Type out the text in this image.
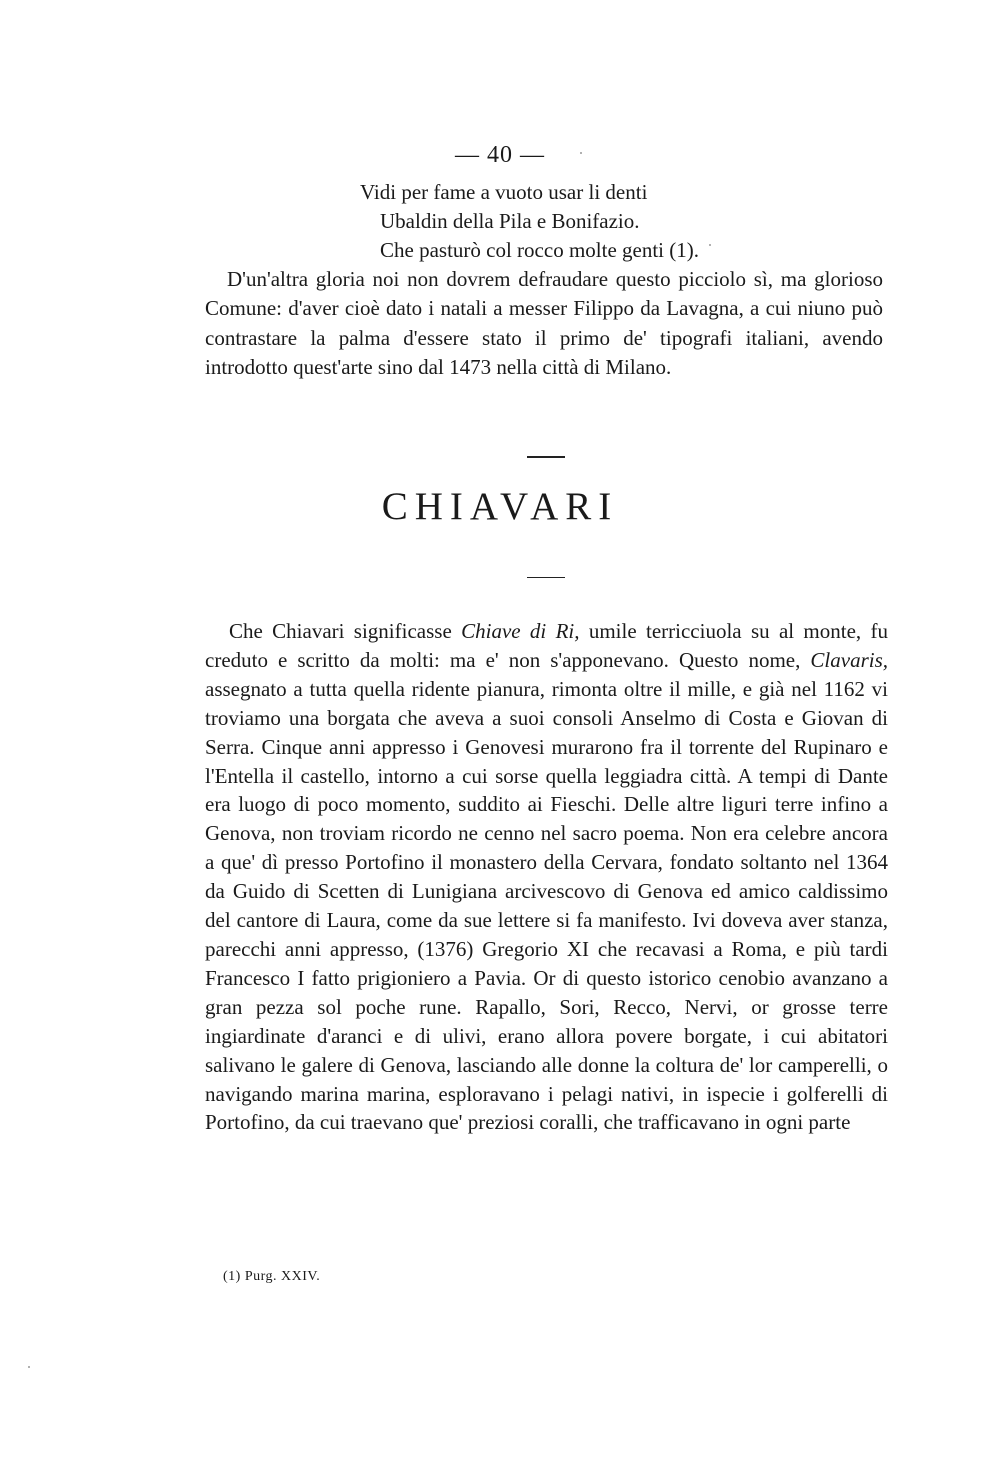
— 40 —
Vidi per fame a vuoto usar li denti
Ubaldin della Pila e Bonifazio.
Che pasturò col rocco molte genti (1).

D'un'altra gloria noi non dovrem defraudare questo picciolo sì, ma glorioso Comune: d'aver cioè dato i natali a messer Filippo da Lavagna, a cui niuno può contrastare la palma d'essere stato il primo de' tipografi italiani, avendo introdotto quest'arte sino dal 1473 nella città di Milano.

CHIAVARI

Che Chiavari significasse Chiave di Ri, umile terricciuola su al monte, fu creduto e scritto da molti: ma e' non s'apponevano. Questo nome, Clavaris, assegnato a tutta quella ridente pianura, rimonta oltre il mille, e già nel 1162 vi troviamo una borgata che aveva a suoi consoli Anselmo di Costa e Giovan di Serra. Cinque anni appresso i Genovesi murarono fra il torrente del Rupinaro e l'Entella il castello, intorno a cui sorse quella leggiadra città. A tempi di Dante era luogo di poco momento, suddito ai Fieschi. Delle altre liguri terre infino a Genova, non troviam ricordo ne cenno nel sacro poema. Non era celebre ancora a que' dì presso Portofino il monastero della Cervara, fondato soltanto nel 1364 da Guido di Scetten di Lunigiana arcivescovo di Genova ed amico caldissimo del cantore di Laura, come da sue lettere si fa manifesto. Ivi doveva aver stanza, parecchi anni appresso, (1376) Gregorio XI che recavasi a Roma, e più tardi Francesco I fatto prigioniero a Pavia. Or di questo istorico cenobio avanzano a gran pezza sol poche rune. Rapallo, Sori, Recco, Nervi, or grosse terre ingiardinate d'aranci e di ulivi, erano allora povere borgate, i cui abitatori salivano le galere di Genova, lasciando alle donne la coltura de' lor camperelli, o navigando marina marina, esploravano i pelagi nativi, in ispecie i golferelli di Portofino, da cui traevano que' preziosi coralli, che trafficavano in ogni parte

(1) Purg. XXIV.
